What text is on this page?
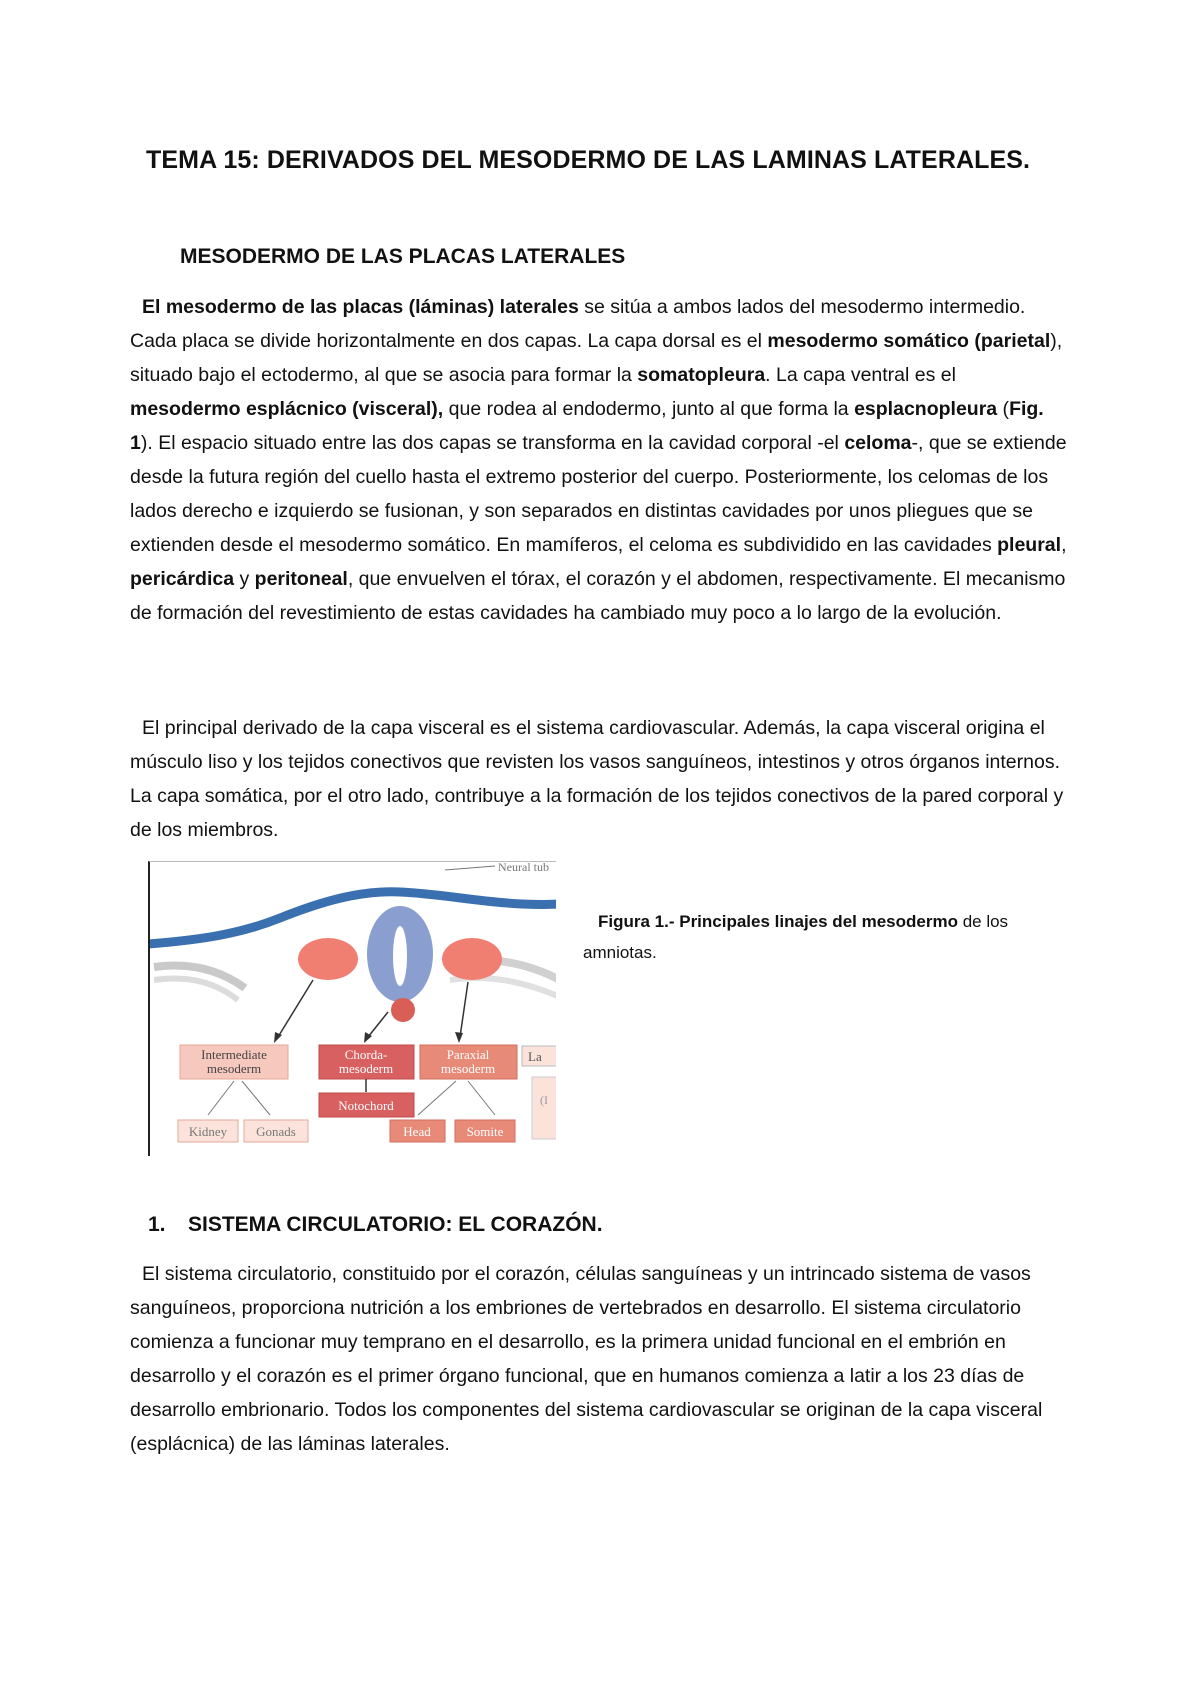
TEMA 15: DERIVADOS DEL MESODERMO DE LAS LAMINAS LATERALES.
MESODERMO DE LAS PLACAS LATERALES

El mesodermo de las placas (láminas) laterales se sitúa a ambos lados del mesodermo intermedio. Cada placa se divide horizontalmente en dos capas. La capa dorsal es el mesodermo somático (parietal), situado bajo el ectodermo, al que se asocia para formar la somatopleura. La capa ventral es el mesodermo esplácnico (visceral), que rodea al endodermo, junto al que forma la esplacnopleura (Fig. 1). El espacio situado entre las dos capas se transforma en la cavidad corporal -el celoma-, que se extiende desde la futura región del cuello hasta el extremo posterior del cuerpo. Posteriormente, los celomas de los lados derecho e izquierdo se fusionan, y son separados en distintas cavidades por unos pliegues que se extienden desde el mesodermo somático. En mamíferos, el celoma es subdividido en las cavidades pleural, pericárdica y peritoneal, que envuelven el tórax, el corazón y el abdomen, respectivamente. El mecanismo de formación del revestimiento de estas cavidades ha cambiado muy poco a lo largo de la evolución.

El principal derivado de la capa visceral es el sistema cardiovascular. Además, la capa visceral origina el músculo liso y los tejidos conectivos que revisten los vasos sanguíneos, intestinos y otros órganos internos. La capa somática, por el otro lado, contribuye a la formación de los tejidos conectivos de la pared corporal y de los miembros.

Neural tub
Intermediate
mesoderm
Chorda-
mesoderm
Paraxial
mesoderm
La
Notochord
Kidney Gonads	Head	Somite
(I

Figura 1.- Principales linajes del mesodermo de los amniotas.

1. SISTEMA CIRCULATORIO: EL CORAZÓN.

El sistema circulatorio, constituido por el corazón, células sanguíneas y un intrincado sistema de vasos sanguíneos, proporciona nutrición a los embriones de vertebrados en desarrollo. El sistema circulatorio comienza a funcionar muy temprano en el desarrollo, es la primera unidad funcional en el embrión en desarrollo y el corazón es el primer órgano funcional, que en humanos comienza a latir a los 23 días de desarrollo embrionario. Todos los componentes del sistema cardiovascular se originan de la capa visceral (esplácnica) de las láminas laterales.
